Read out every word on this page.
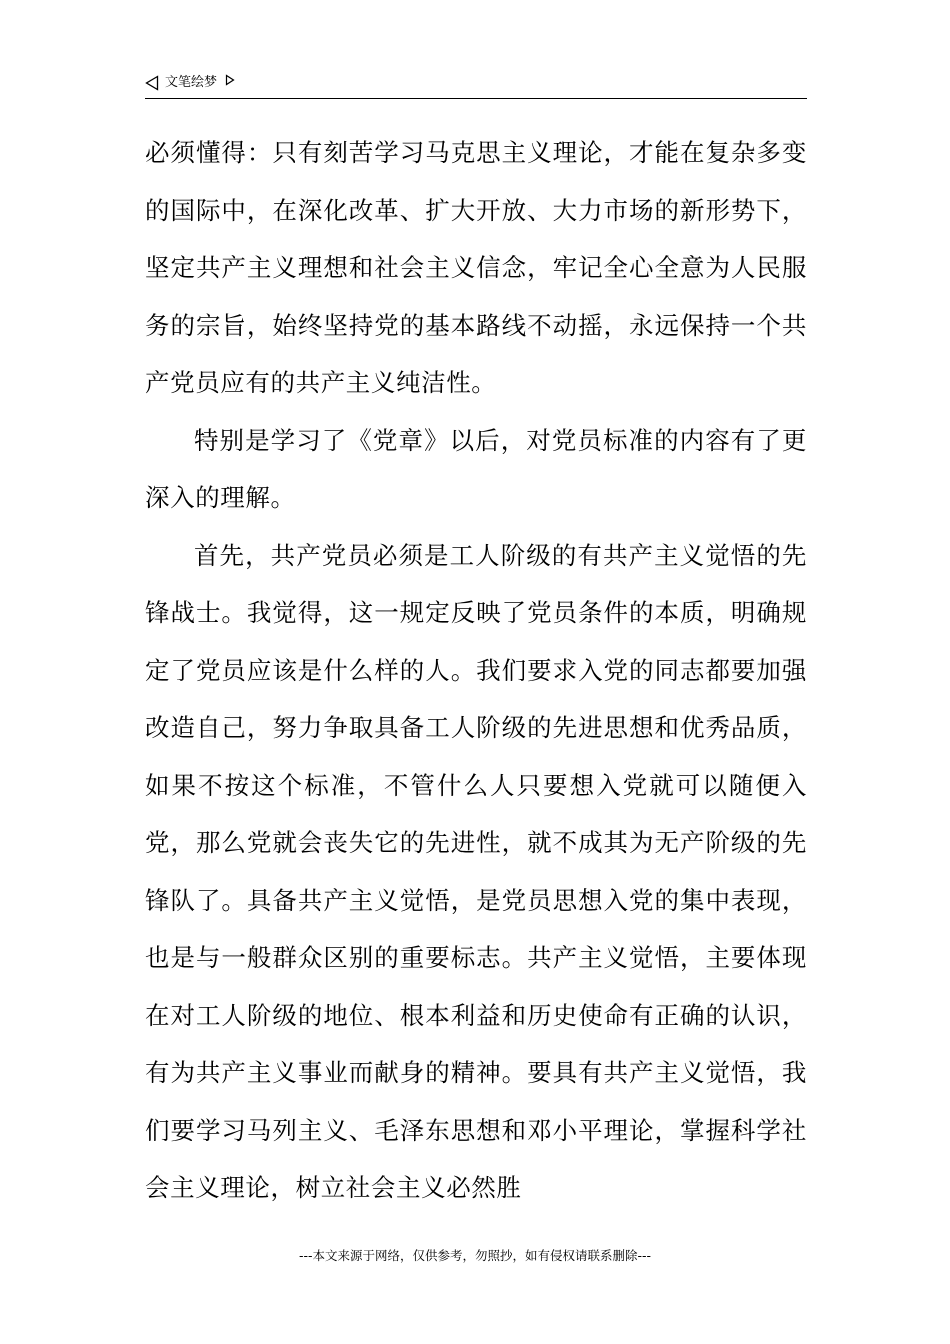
文笔绘梦

必须懂得：只有刻苦学习马克思主义理论，才能在复杂多变的国际中，在深化改革、扩大开放、大力市场的新形势下，坚定共产主义理想和社会主义信念，牢记全心全意为人民服务的宗旨，始终坚持党的基本路线不动摇，永远保持一个共产党员应有的共产主义纯洁性。

特别是学习了《党章》以后，对党员标准的内容有了更深入的理解。

首先，共产党员必须是工人阶级的有共产主义觉悟的先锋战士。我觉得，这一规定反映了党员条件的本质，明确规定了党员应该是什么样的人。我们要求入党的同志都要加强改造自己，努力争取具备工人阶级的先进思想和优秀品质，如果不按这个标准，不管什么人只要想入党就可以随便入党，那么党就会丧失它的先进性，就不成其为无产阶级的先锋队了。具备共产主义觉悟，是党员思想入党的集中表现，也是与一般群众区别的重要标志。共产主义觉悟，主要体现在对工人阶级的地位、根本利益和历史使命有正确的认识，有为共产主义事业而献身的精神。要具有共产主义觉悟，我们要学习马列主义、毛泽东思想和邓小平理论，掌握科学社会主义理论，树立社会主义必然胜

---本文来源于网络，仅供参考，勿照抄，如有侵权请联系删除---
